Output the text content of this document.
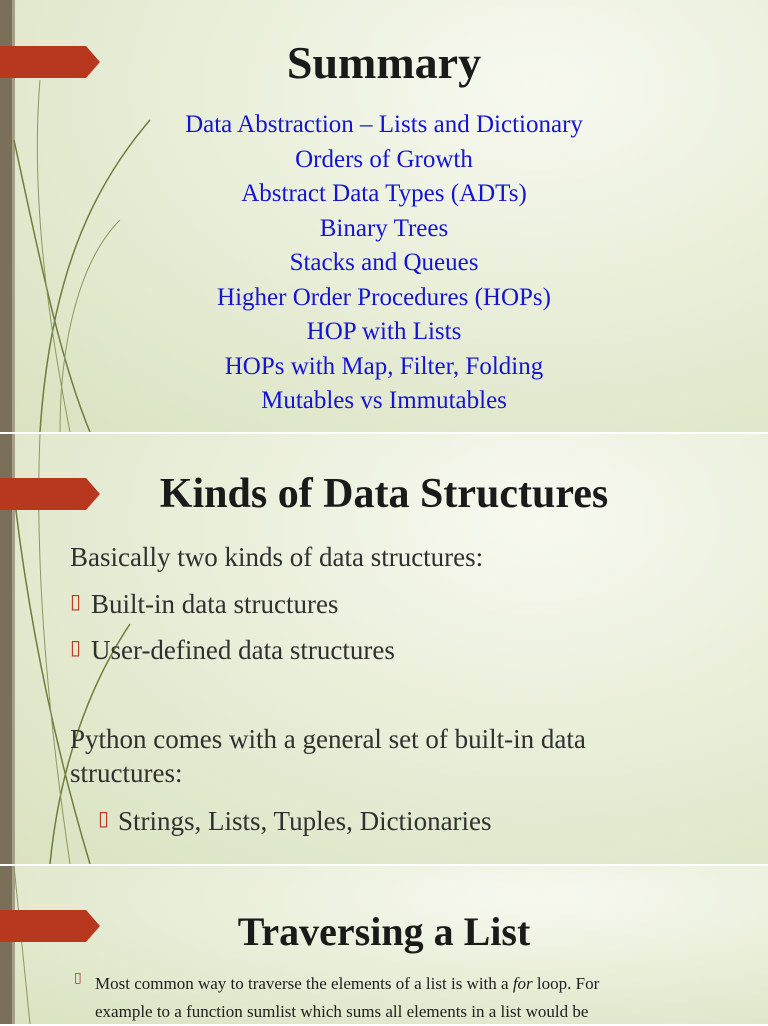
Summary
Data Abstraction – Lists and Dictionary
Orders of Growth
Abstract Data Types (ADTs)
Binary Trees
Stacks and Queues
Higher Order Procedures (HOPs)
HOP with Lists
HOPs with Map, Filter, Folding
Mutables vs Immutables
Kinds of Data Structures
Basically two kinds of data structures:
▯ Built-in data structures
▯ User-defined data structures
Python comes with a general set of built-in data
structures:
▯ Strings, Lists, Tuples, Dictionaries
Traversing a List
▯ Most common way to traverse the elements of a list is with a for loop. For
example to a function sumlist which sums all elements in a list would be
